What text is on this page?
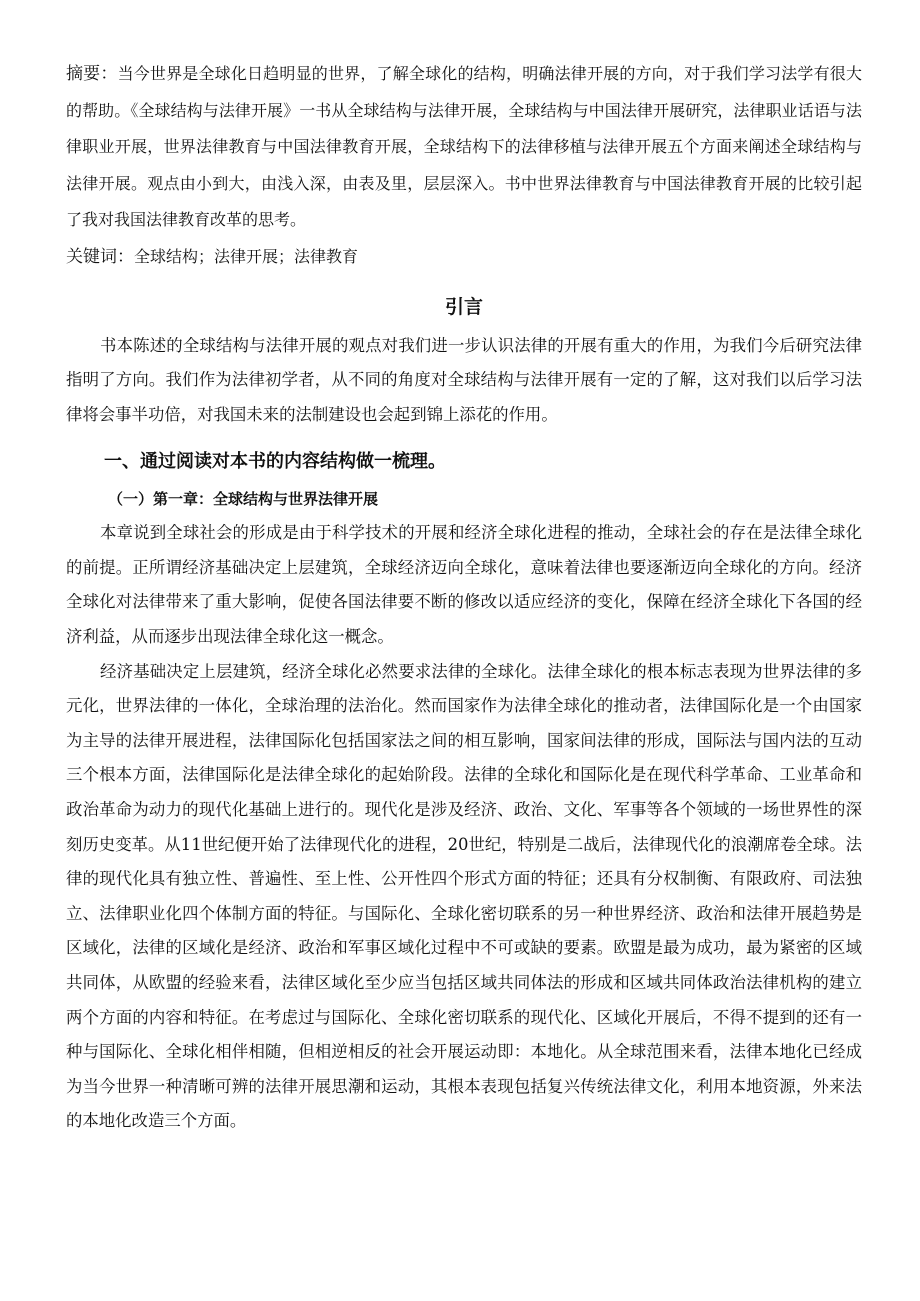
摘要：当今世界是全球化日趋明显的世界，了解全球化的结构，明确法律开展的方向，对于我们学习法学有很大的帮助。《全球结构与法律开展》一书从全球结构与法律开展，全球结构与中国法律开展研究，法律职业话语与法律职业开展，世界法律教育与中国法律教育开展，全球结构下的法律移植与法律开展五个方面来阐述全球结构与法律开展。观点由小到大，由浅入深，由表及里，层层深入。书中世界法律教育与中国法律教育开展的比较引起了我对我国法律教育改革的思考。

关键词：全球结构；法律开展；法律教育

引言

书本陈述的全球结构与法律开展的观点对我们进一步认识法律的开展有重大的作用，为我们今后研究法律指明了方向。我们作为法律初学者，从不同的角度对全球结构与法律开展有一定的了解，这对我们以后学习法律将会事半功倍，对我国未来的法制建设也会起到锦上添花的作用。

一、通过阅读对本书的内容结构做一梳理。
（一）第一章：全球结构与世界法律开展

本章说到全球社会的形成是由于科学技术的开展和经济全球化进程的推动，全球社会的存在是法律全球化的前提。正所谓经济基础决定上层建筑，全球经济迈向全球化，意味着法律也要逐渐迈向全球化的方向。经济全球化对法律带来了重大影响，促使各国法律要不断的修改以适应经济的变化，保障在经济全球化下各国的经济利益，从而逐步出现法律全球化这一概念。

经济基础决定上层建筑，经济全球化必然要求法律的全球化。法律全球化的根本标志表现为世界法律的多元化，世界法律的一体化，全球治理的法治化。然而国家作为法律全球化的推动者，法律国际化是一个由国家为主导的法律开展进程，法律国际化包括国家法之间的相互影响，国家间法律的形成，国际法与国内法的互动三个根本方面，法律国际化是法律全球化的起始阶段。法律的全球化和国际化是在现代科学革命、工业革命和政治革命为动力的现代化基础上进行的。现代化是涉及经济、政治、文化、军事等各个领域的一场世界性的深刻历史变革。从11世纪便开始了法律现代化的进程，20世纪，特别是二战后，法律现代化的浪潮席卷全球。法律的现代化具有独立性、普遍性、至上性、公开性四个形式方面的特征；还具有分权制衡、有限政府、司法独立、法律职业化四个体制方面的特征。与国际化、全球化密切联系的另一种世界经济、政治和法律开展趋势是区域化，法律的区域化是经济、政治和军事区域化过程中不可或缺的要素。欧盟是最为成功，最为紧密的区域共同体，从欧盟的经验来看，法律区域化至少应当包括区域共同体法的形成和区域共同体政治法律机构的建立两个方面的内容和特征。在考虑过与国际化、全球化密切联系的现代化、区域化开展后，不得不提到的还有一种与国际化、全球化相伴相随，但相逆相反的社会开展运动即：本地化。从全球范围来看，法律本地化已经成为当今世界一种清晰可辨的法律开展思潮和运动，其根本表现包括复兴传统法律文化，利用本地资源，外来法的本地化改造三个方面。
